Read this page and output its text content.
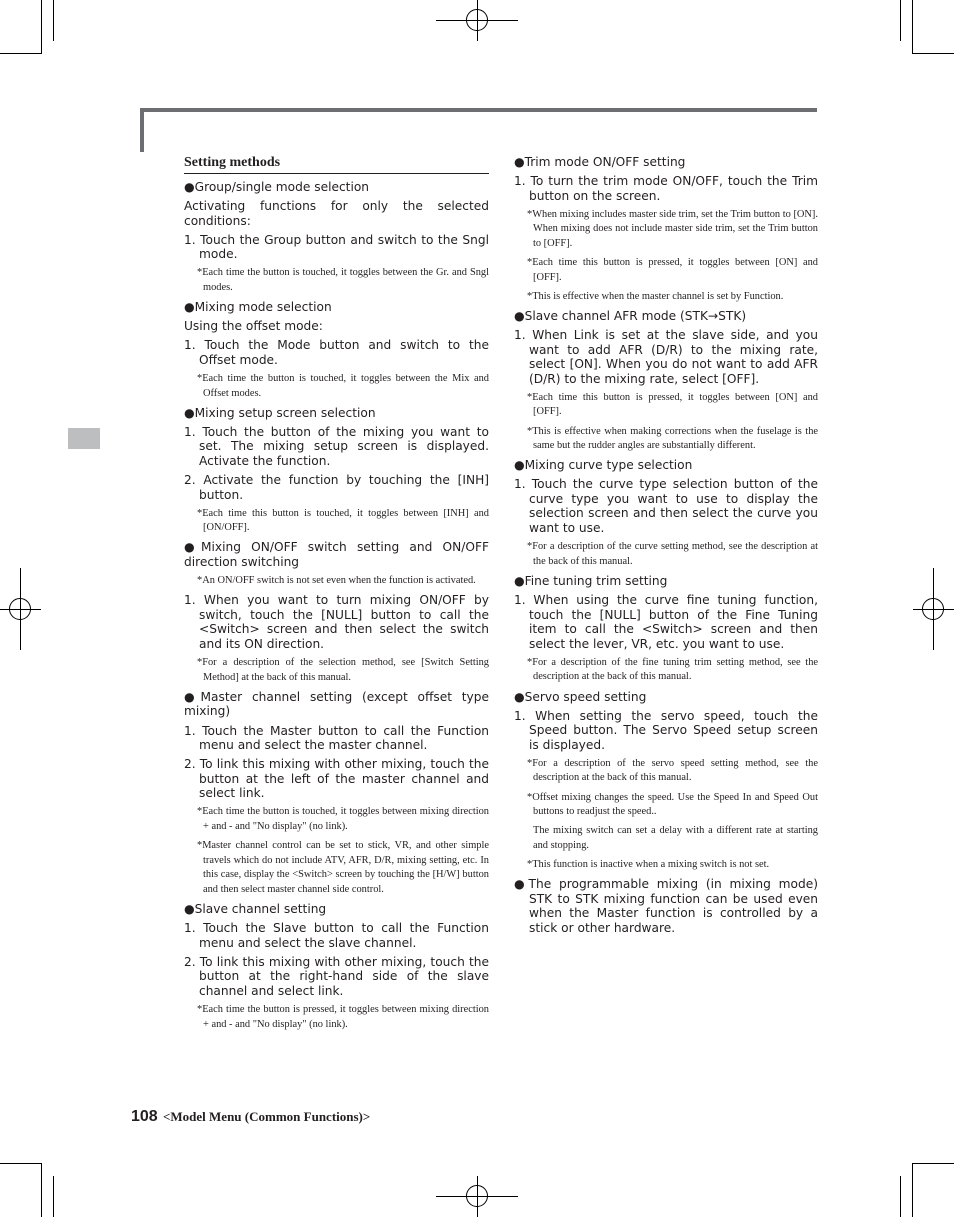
Setting methods
●Group/single mode selection
Activating functions for only the selected conditions:
1. Touch the Group button and switch to the Sngl mode.
*Each time the button is touched, it toggles between the Gr. and Sngl modes.
●Mixing mode selection
Using the offset mode:
1. Touch the Mode button and switch to the Offset mode.
*Each time the button is touched, it toggles between the Mix and Offset modes.
●Mixing setup screen selection
1. Touch the button of the mixing you want to set. The mixing setup screen is displayed. Activate the function.
2. Activate the function by touching the [INH] button.
*Each time this button is touched, it toggles between [INH] and [ON/OFF].
●Mixing ON/OFF switch setting and ON/OFF direction switching
*An ON/OFF switch is not set even when the function is activated.
1. When you want to turn mixing ON/OFF by switch, touch the [NULL] button to call the <Switch> screen and then select the switch and its ON direction.
*For a description of the selection method, see [Switch Setting Method] at the back of this manual.
●Master channel setting (except offset type mixing)
1. Touch the Master button to call the Function menu and select the master channel.
2. To link this mixing with other mixing, touch the button at the left of the master channel and select link.
*Each time the button is touched, it toggles between mixing direction + and - and "No display" (no link).
*Master channel control can be set to stick, VR, and other simple travels which do not include ATV, AFR, D/R, mixing setting, etc. In this case, display the <Switch> screen by touching the [H/W] button and then select master channel side control.
●Slave channel setting
1. Touch the Slave button to call the Function menu and select the slave channel.
2. To link this mixing with other mixing, touch the button at the right-hand side of the slave channel and select link.
*Each time the button is pressed, it toggles between mixing direction + and - and "No display" (no link).
●Trim mode ON/OFF setting
1. To turn the trim mode ON/OFF, touch the Trim button on the screen.
*When mixing includes master side trim, set the Trim button to [ON]. When mixing does not include master side trim, set the Trim button to [OFF].
*Each time this button is pressed, it toggles between [ON] and [OFF].
*This is effective when the master channel is set by Function.
●Slave channel AFR mode (STK→STK)
1. When Link is set at the slave side, and you want to add AFR (D/R) to the mixing rate, select [ON]. When you do not want to add AFR (D/R) to the mixing rate, select [OFF].
*Each time this button is pressed, it toggles between [ON] and [OFF].
*This is effective when making corrections when the fuselage is the same but the rudder angles are substantially different.
●Mixing curve type selection
1. Touch the curve type selection button of the curve type you want to use to display the selection screen and then select the curve you want to use.
*For a description of the curve setting method, see the description at the back of this manual.
●Fine tuning trim setting
1. When using the curve fine tuning function, touch the [NULL] button of the Fine Tuning item to call the <Switch> screen and then select the lever, VR, etc. you want to use.
*For a description of the fine tuning trim setting method, see the description at the back of this manual.
●Servo speed setting
1. When setting the servo speed, touch the Speed button. The Servo Speed setup screen is displayed.
*For a description of the servo speed setting method, see the description at the back of this manual.
*Offset mixing changes the speed. Use the Speed In and Speed Out buttons to readjust the speed..
The mixing switch can set a delay with a different rate at starting and stopping.
*This function is inactive when a mixing switch is not set.
●The programmable mixing (in mixing mode) STK to STK mixing function can be used even when the Master function is controlled by a stick or other hardware.
108 <Model Menu (Common Functions)>
